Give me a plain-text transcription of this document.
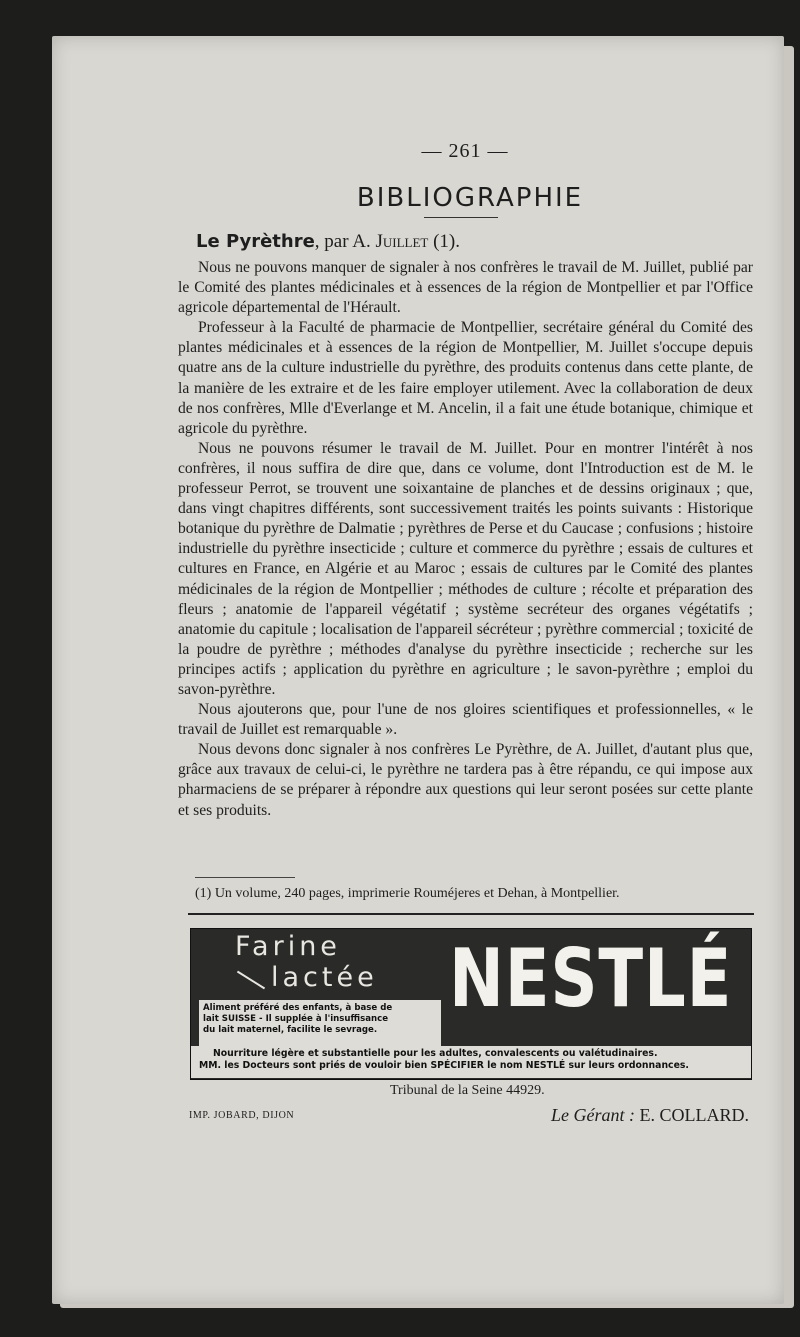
— 261 —
BIBLIOGRAPHIE
Le Pyrèthre, par A. Juillet (1).

Nous ne pouvons manquer de signaler à nos confrères le travail de M. Juillet, publié par le Comité des plantes médicinales et à essences de la région de Montpellier et par l'Office agricole départemental de l'Hérault.

Professeur à la Faculté de pharmacie de Montpellier, secrétaire général du Comité des plantes médicinales et à essences de la région de Montpellier, M. Juillet s'occupe depuis quatre ans de la culture industrielle du pyrèthre, des produits contenus dans cette plante, de la manière de les extraire et de les faire employer utilement. Avec la collaboration de deux de nos confrères, Mlle d'Everlange et M. Ancelin, il a fait une étude botanique, chimique et agricole du pyrèthre.

Nous ne pouvons résumer le travail de M. Juillet. Pour en montrer l'intérêt à nos confrères, il nous suffira de dire que, dans ce volume, dont l'Introduction est de M. le professeur Perrot, se trouvent une soixantaine de planches et de dessins originaux ; que, dans vingt chapitres différents, sont successivement traités les points suivants : Historique botanique du pyrèthre de Dalmatie ; pyrèthres de Perse et du Caucase ; confusions ; histoire industrielle du pyrèthre insecticide ; culture et commerce du pyrèthre ; essais de cultures et cultures en France, en Algérie et au Maroc ; essais de cultures par le Comité des plantes médicinales de la région de Montpellier ; méthodes de culture ; récolte et préparation des fleurs ; anatomie de l'appareil végétatif ; système secréteur des organes végétatifs ; anatomie du capitule ; localisation de l'appareil sécréteur ; pyrèthre commercial ; toxicité de la poudre de pyrèthre ; méthodes d'analyse du pyrèthre insecticide ; recherche sur les principes actifs ; application du pyrèthre en agriculture ; le savon-pyrèthre ; emploi du savon-pyrèthre.

Nous ajouterons que, pour l'une de nos gloires scientifiques et professionnelles, « le travail de Juillet est remarquable ».

Nous devons donc signaler à nos confrères Le Pyrèthre, de A. Juillet, d'autant plus que, grâce aux travaux de celui-ci, le pyrèthre ne tardera pas à être répandu, ce qui impose aux pharmaciens de se préparer à répondre aux questions qui leur seront posées sur cette plante et ses produits.

(1) Un volume, 240 pages, imprimerie Rouméjeres et Dehan, à Montpellier.
Farine
lactée NESTLÉ
Aliment préféré des enfants, à base de
lait SUISSE - Il supplée à l'insuffisance
du lait maternel, facilite le sevrage.
Nourriture légère et substantielle pour les adultes, convalescents ou valétudinaires.
MM. les Docteurs sont priés de vouloir bien SPÉCIFIER le nom NESTLÉ sur leurs ordonnances.
Tribunal de la Seine 44929.
IMP. JOBARD, DIJON	Le Gérant : E. COLLARD.
